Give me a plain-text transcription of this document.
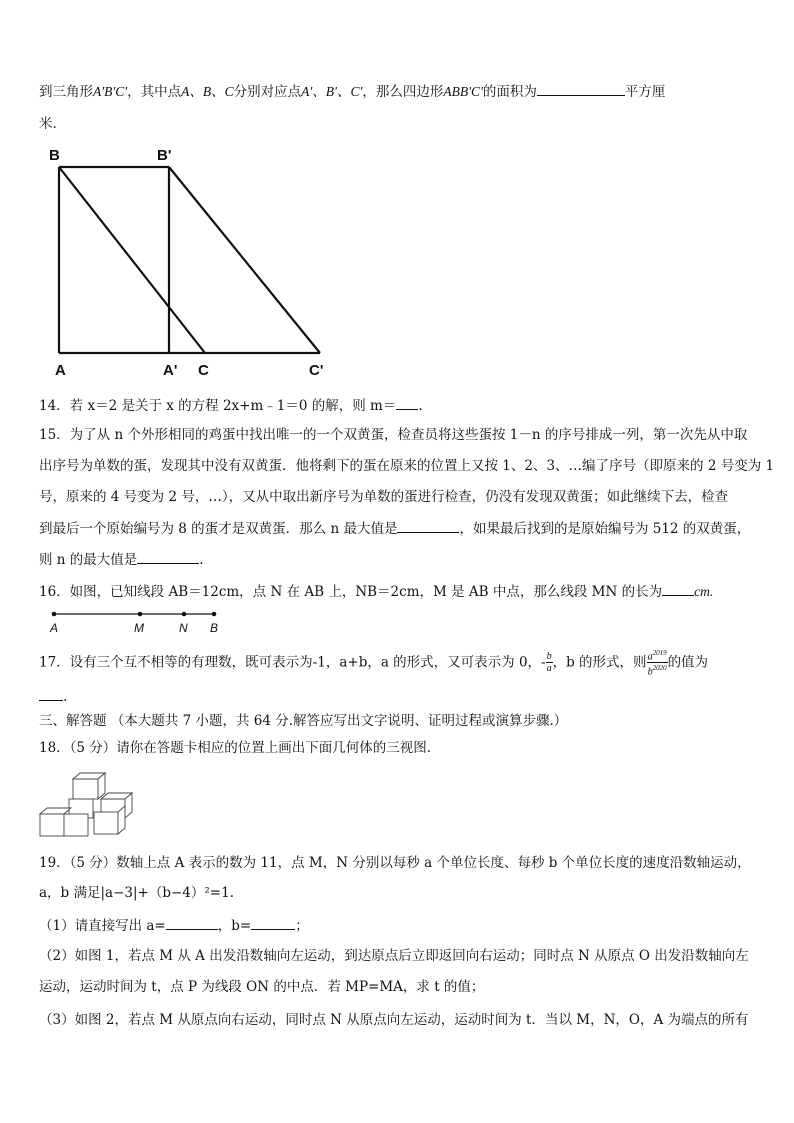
到三角形A'B'C'，其中点A、B、C分别对应点A'、B'、C'，那么四边形ABB'C'的面积为	平方厘
米.
B	B'
A	A' C	C'
14．若 x＝2 是关于 x 的方程 2x+m﹣1＝0 的解，则 m＝ .
15．为了从 n 个外形相同的鸡蛋中找出唯一的一个双黄蛋，检查员将这些蛋按 1－n 的序号排成一列，第一次先从中取
出序号为单数的蛋，发现其中没有双黄蛋．他将剩下的蛋在原来的位置上又按 1、2、3、…编了序号（即原来的 2 号变为 1
号，原来的 4 号变为 2 号，…），又从中取出新序号为单数的蛋进行检查，仍没有发现双黄蛋；如此继续下去，检查
到最后一个原始编号为 8 的蛋才是双黄蛋．那么 n 最大值是	，如果最后找到的是原始编号为 512 的双黄蛋，
则 n 的最大值是	.
16．如图，已知线段 AB＝12cm，点 N 在 AB 上，NB＝2cm，M 是 AB 中点，那么线段 MN 的长为 cm.
A	M	N B
17．设有三个互不相等的有理数，既可表示为-1，a+b，a 的形式，又可表示为 0，- $\frac{b}{a}$ ，b 的形式，则 $\frac{a^{2019}}{b^{2020}}$ 的值为
.
三、解答题 （本大题共 7 小题，共 64 分.解答应写出文字说明、证明过程或演算步骤.）
18．（5 分）请你在答题卡相应的位置上画出下面几何体的三视图.
19．（5 分）数轴上点 A 表示的数为 11，点 M，N 分别以每秒 a 个单位长度、每秒 b 个单位长度的速度沿数轴运动，
a，b 满足|a−3|+（b−4）²=1.
（1）请直接写出 a=	，b=	；
（2）如图 1，若点 M 从 A 出发沿数轴向左运动，到达原点后立即返回向右运动；同时点 N 从原点 O 出发沿数轴向左
运动，运动时间为 t，点 P 为线段 ON 的中点．若 MP=MA，求 t 的值；
（3）如图 2，若点 M 从原点向右运动，同时点 N 从原点向左运动，运动时间为 t．当以 M，N，O，A 为端点的所有
